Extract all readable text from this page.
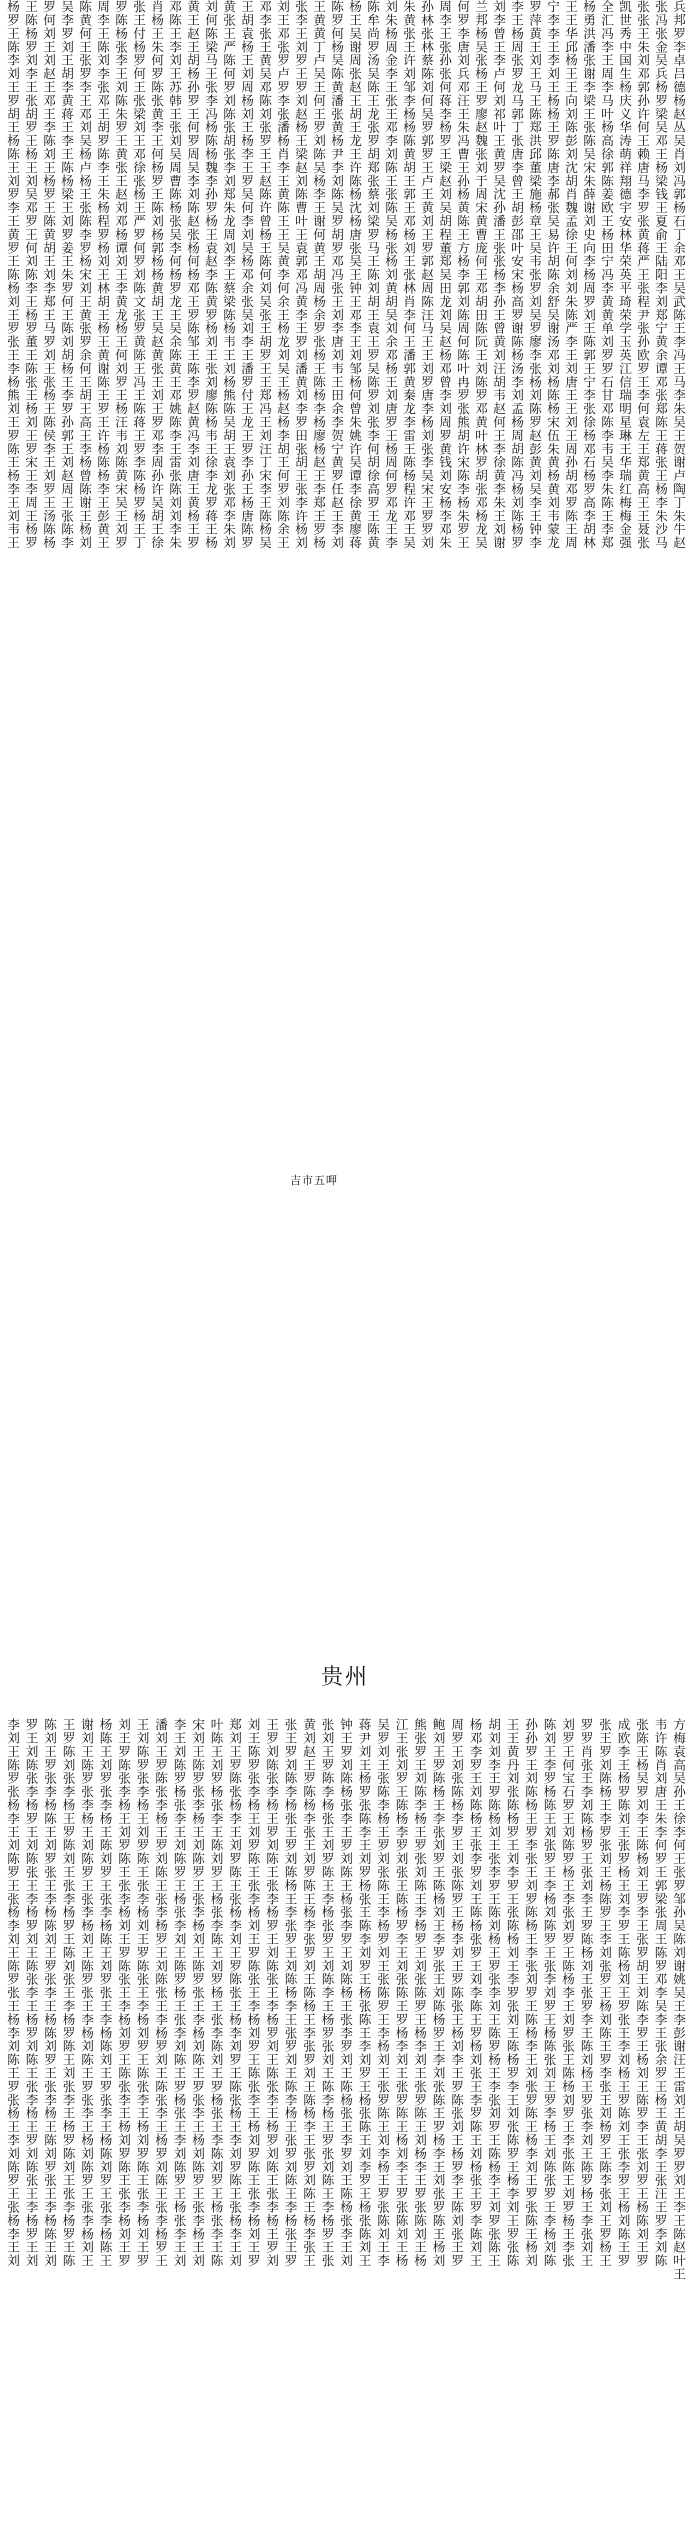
兵邦罗李卓吕德杨赵丛吴肖刘冯郭杨石丁余邓王吴武陈王李冯王马李朱吴王贺谢卢陶丁朱牛赵
张冯张金吴兵杨罗梁吴邓王杨梁钱王夏俞王陆阳李刘郑宁黄余谭邓张郑陈王蒋张王杨李朱沙马
张张王朱刘邓郭孙许何王赖唐马李罗张黄蒋严王张程尹张孙欧罗王李何袁左王郑黄高王王聂张
凯世秀中国生杨庆义华涛萌祥翔德宇安林华荣英平琦荣学玉英江信瑞明星琳王华瑞红梅梅金强
全汇冯李王周李马叶杨高徐郭陈姜欧王杨田宁冯李黄黄单刘罗罗石甘邓陈李韦吴李朱陈王李郑
杨勇洪潘张谢李梁王张陈吴宋朱薛谢刘史向李杨周罗刘王陈郭王宁李张徐杨邓石杨罗高李胡林
王王华邱杨王王向刘陈彭刘沈胡肖魏孟徐王何刘刘朱陈严李王刘唐王王刘王周孙胡邓罗陈王周
宁李李王李刘王杨杨王罗陈唐李郝张吴易许胡陈余舒吴谢汤邓刘杨陈杨宋伍朱黄杨黄刘韦蒙龙
罗萍黄王刘王马王陈郑洪邱董梁施杨章王吴韦张罗刘吴罗廖李张杨刘陈罗赵彭黄刘吴李王钟李
李王杨周张罗龙马郭丁张唐李曾王胡彭邵叶安宋杨高罗谢陈杨汤李刘孟杨周胡陈冯杨刘陈杨罗
刘李曾王李卢何刘祁叶王黄罗吴沈孙潘王张张杨李孙王曾黄刘汪胡韦赵何王李徐黄李朱王刘谢
兰邦杨吴张杨王罗廖赵魏张刘于周宋黄曹庞何王邓胡田陈阮王刘陈罗邓黄叶林罗胡张邓杨龙吴
何罗李唐刘兵邓汪王朱冯曹王孙杨黄陈王方杨李郭刘陈周何陈叶冉罗张熊胡许宋陈李杨朱罗王
周李王张孙张何蒋李杨罗王梁赵刘吴胡程董郑吴田龙刘吴赵杨邓曾李刘周罗黄钱刘安杨李邓朱
孙林张林蔡陈刘何吴罗郭罗王卢王黄刘王罗郭赵周陈汪马王王刘罗唐李杨刘张李吴宋王罗罗刘
朱黄张王许刘邹李杨杨陈黄胡王郭王邓杨刘王张林肖李何王潘郭黄秦龙李雷王陈杨程许邓王吴
刘朱杨周金李王张王邓李刘陈王张陈吴杨张杨刘黄胡吴刘余邓杨王刘唐罗王杨周何罗邓龙王李
陈牟尚罗汤吴陈王龙张罗胡郑张蔡刘梁罗马王陈刘胡王袁王罗吴陈罗刘张李何胡徐高罗王陈黄
杨王吴谢周张赵王胡王龙王许陈杨沈杨唐张吴王钟王邓李王刘邹杨何曾朱姚许吴谭李徐黄廖蒋
陈罗何杨吴陈黄潘张黄杨尹李刘陈吴罗胡罗邓冯张王刘李唐刘韦王田余李贺宁黄罗任赵王李刘
王黄黄丁卢吴王何王罗刘陈吴杨李王谢何黄王胡周杨余罗张杨王陈杨李杨廖杨赵王李郑王罗杨
张李王刘罗王罗刘赵杨王梁赵刘陈曹叶王袁郭邓冯黄李王罗刘潘黄刘李罗田张胡王张李许杨刘
刘王邓张罗卢罗李张潘杨肖李王黄陈王王吴黄李何余王杨龙刘吴王杨赵杨李胡王何罗刘陈余王
邓李张王黄吴邓陈刘张罗王王赵陈许曾杨王陈何刘吴张王胡罗王王郑冯王刘汪丁宋李王陈杨吴
王胡袁杨王刘周杨刘王杨李王罗吴何李刘吴杨邓余张吴刘李王潘罗付王龙王罗李孙王杨唐陈罗
黄张王严陈何罗刘陈张胡张李刘郑朱龙周刘李王蔡梁陈杨韦王刘杨熊陈吴胡王袁刘张邓李朱刘
刘何陈梁马王张李冯杨陈杨魏李孙罗杨王袁赵李陈黄罗杨刘王张刘廖陈杨韦王徐李龙罗蒋王杨
黄王赵王胡杨孙罗王何罗周吴李刘陈赵张杨何杨邓王罗陈邹王陈李罗赵黄冯李刘唐王黄杨王罗
邓陈王李刘王苏韩王张刘吴周曹陈杨张吴李何杨罗龙王吴余陈黄王邓姚陈李王雷张陈刘刘李朱
肖杨王朱何罗陈张黄李王何杨罗王陈刘杨郭杨杨黄胡王吴赵黄张王刘王罗邓李周孙许吴胡王徐
张王付杨罗何王张梁刘王邓徐张杨王严罗何罗刘陈文张罗黄陈王冯王陈蒋王罗李陈杨罗杨王丁
罗陈杨张李王刘陈朱罗王黄张王赵刘邓杨谭刘王李黄龙杨王何刘罗王杨汪韦刘陈黄宋吴王刘罗
周李王陈刘李张邓王胡罗陈李王朱杨程罗杨刘王林胡王杨王黄谢陈王罗王许杨陈杨李王彭黄王
陈黄何王张罗李王邓刘吴杨卢杨王张陈李罗杨宋刘王黄张罗余何王胡王高王李杨曾陈谢王杨刘
吴李罗刘王胡李黄蒋王李王陈杨梁王刘罗姜王朱罗何王陈刘胡杨王李罗孙郭王刘赵周王张陈李
罗何刘王刘赵王邓王李陈刘王杨罗王陈黄胡王刘李郑王马罗刘王张杨王陈侯李王刘罗王汤陈杨
王陈杨罗刘李王张胡罗王杨王刘吴邓罗王何刘陈李王杨罗董王陈张王杨刘王罗宋王李周王杨罗
杨罗王陈李刘王罗胡王杨陈王刘罗李王黄罗王陈杨刘王罗张王李杨熊刘王罗陈王杨李王刘韦王
吉市五呷
贵州
方梅袁高吴孙王徐李何王张罗邹孙吴陈刘谢姚吴王李彭谢汪王雷刘王胡吴罗罗刘王李王陈赵叶王
韦许陈肖刘唐王朱李何罗王郭梁张周王陈罗邓李吴李王张余罗王杨王黄胡李王张汪王罗李刘陈
张陈王杨吴罗刘李王陈杨刘王罗李王张罗胡王刘陈李罗王杨刘王陈罗李王张刘罗王杨陈刘王罗
成欧李王杨罗陈刘王张罗杨王刘李罗王陈杨刘王罗张王李刘杨王罗陈刘王张李罗王杨刘陈王罗
张王罗刘陈杨王李罗张刘王杨陈罗王李刘张罗王杨刘陈王罗李张王刘杨罗王陈李张刘王罗杨王
罗罗肖张王李刘陈杨罗王张刘李王罗陈杨刘王张罗李王陈刘杨王罗张李刘王陈罗杨王李张刘王
刘罗王何宝石罗王刘陈罗杨王李张刘罗王陈杨李王刘罗张王陈杨刘罗王李张陈王刘罗杨王李张
陈刘王李罗杨陈王刘张罗王李杨刘陈罗王张李刘罗王杨陈张刘王罗李杨王刘陈张罗王李杨刘陈
孙孙罗王刘陈杨王罗李张王刘罗陈杨王李张刘罗王陈杨李王刘张罗陈王杨李刘王罗张陈王杨刘
王王黄丹刘张陈杨罗王刘李罗王张陈杨刘王李罗张刘王陈杨罗李王刘张陈罗王杨李刘王罗张陈
胡刘刘李王罗陈杨刘王张李罗王陈刘杨王罗张李刘王陈罗杨王李张刘罗王陈杨李王刘罗张陈王
杨邓李罗王刘陈杨王张李罗刘王陈杨张罗王刘李陈王罗杨刘张王李罗陈王刘杨张王罗李陈刘王
周罗王刘张陈杨李罗王刘张陈罗王杨李刘王罗陈张王杨刘李王罗陈张刘王杨罗李王陈刘张王罗
鲍刘王罗陈杨王李张刘罗王陈杨刘王李罗张王刘陈杨罗王李刘张陈王罗杨李王刘张罗陈王杨刘
熊张罗王刘陈李杨王罗张刘陈王李杨罗王刘张陈罗王杨李刘王张罗陈王刘杨李王罗张陈刘王杨
江王张刘罗王陈杨李罗刘张王陈杨罗李王刘张陈王罗杨李刘王张罗陈王杨刘李王罗张陈刘王杨
吴罗刘王张陈李杨王罗刘张陈王李杨罗刘王张陈罗王李杨刘王张罗陈王刘李杨王罗张陈刘王李
蒋尹刘王杨罗张陈李王刘罗杨张王陈李刘罗王杨张陈王李刘罗王杨张陈王刘李罗王杨张陈刘王
钟王罗刘陈杨张李王罗刘陈王杨张李罗王刘陈杨王张李罗刘王陈杨张王李罗刘王陈杨张李王刘
张刘王罗陈李杨张王刘罗陈王李杨张罗王刘陈李王杨罗张刘王陈李杨王罗张刘陈王李杨罗王张
黄刘赵王罗陈杨李张王刘罗陈王杨李张罗刘王陈杨王李张罗刘王陈杨李王张罗刘陈王杨李张王
张王罗刘陈李杨张王罗刘陈杨王李张罗王刘陈杨李王张罗刘王陈李杨王张罗刘陈王李杨张王罗
王罗刘陈张李杨王罗刘陈王张李杨罗王刘陈张王李杨罗刘王陈张李王杨罗刘陈王张李杨王罗刘
刘王陈罗张李杨王刘罗陈王张李杨刘王罗陈张王李杨刘罗王陈张李王杨刘罗陈王张李杨刘王罗
郑刘王罗陈张杨李王刘罗陈王张杨李刘王罗陈张王杨李刘罗王陈张杨王李刘罗陈王张杨李王刘
叶陈王刘罗杨张李王陈刘罗王杨张李陈王刘罗杨王张李陈刘王罗杨张王李陈刘罗王杨张李王陈
宋刘王陈罗张李杨王刘陈罗王张李杨刘王陈罗张王李杨刘陈王罗张李王杨刘陈罗王张李杨王刘
李王刘陈罗杨张李王刘陈罗王杨张李刘王陈罗杨王张李刘陈王罗杨张王李刘陈罗王杨张李王刘
潘刘王罗陈张李杨王罗刘陈王张李杨罗王刘陈张王李杨罗刘王陈张李王杨罗刘陈王张李杨罗王
王刘陈罗张李杨王刘罗陈王张李杨刘王罗陈张王李杨刘罗王陈张李王杨刘罗陈王张李杨刘王罗
刘王罗陈张李杨王刘罗陈王张李杨刘王罗陈张王李杨刘罗王陈张李王杨刘罗陈王张李杨刘王罗
杨陈王刘罗张李杨王陈刘罗王张李杨陈王刘罗张王李杨陈刘王罗张李王杨陈刘罗王张李杨陈王
谢刘王陈罗张李杨王刘陈罗王张李杨刘王陈罗张王李杨刘陈王罗张李王杨刘陈罗王张李杨刘王
王罗陈刘张李杨王罗陈刘王张李杨罗王陈刘张王李杨罗陈王刘张李王杨罗陈刘王张李杨罗王陈
陈刘王罗张李杨陈王刘罗张王李杨陈刘王罗张李王杨陈刘罗王张李杨王陈刘罗张王李杨陈王刘
罗王刘陈张李杨罗王刘陈张王李杨罗刘王陈张李王杨罗刘陈王张李杨王罗刘陈张王李杨罗王刘
李刘王陈罗张杨李王刘陈罗王张杨李刘王陈罗张王杨李刘陈王罗张杨王李刘陈罗王张杨李王刘
